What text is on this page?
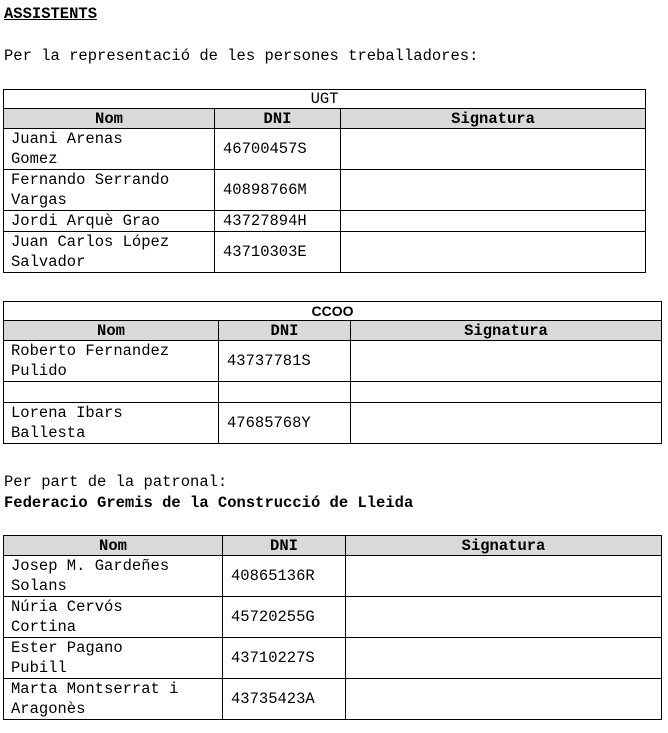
ASSISTENTS
Per la representació de les persones treballadores:
UGT		
Nom	DNI	Signatura
Juani Arenas
Gomez	46700457S	
Fernando Serrando
Vargas	40898766M	
Jordi Arquè Grao	43727894H	
Juan Carlos López
Salvador	43710303E	
CCOO		
Nom	DNI	Signatura
Roberto Fernandez
Pulido	43737781S	

Lorena Ibars
Ballesta	47685768Y	
Per part de la patronal:
Federacio Gremis de la Construcció de Lleida
Nom	DNI	Signatura
Josep M. Gardeñes
Solans	40865136R	
Núria Cervós
Cortina	45720255G	
Ester Pagano
Pubill	43710227S	
Marta Montserrat i
Aragonès	43735423A	
